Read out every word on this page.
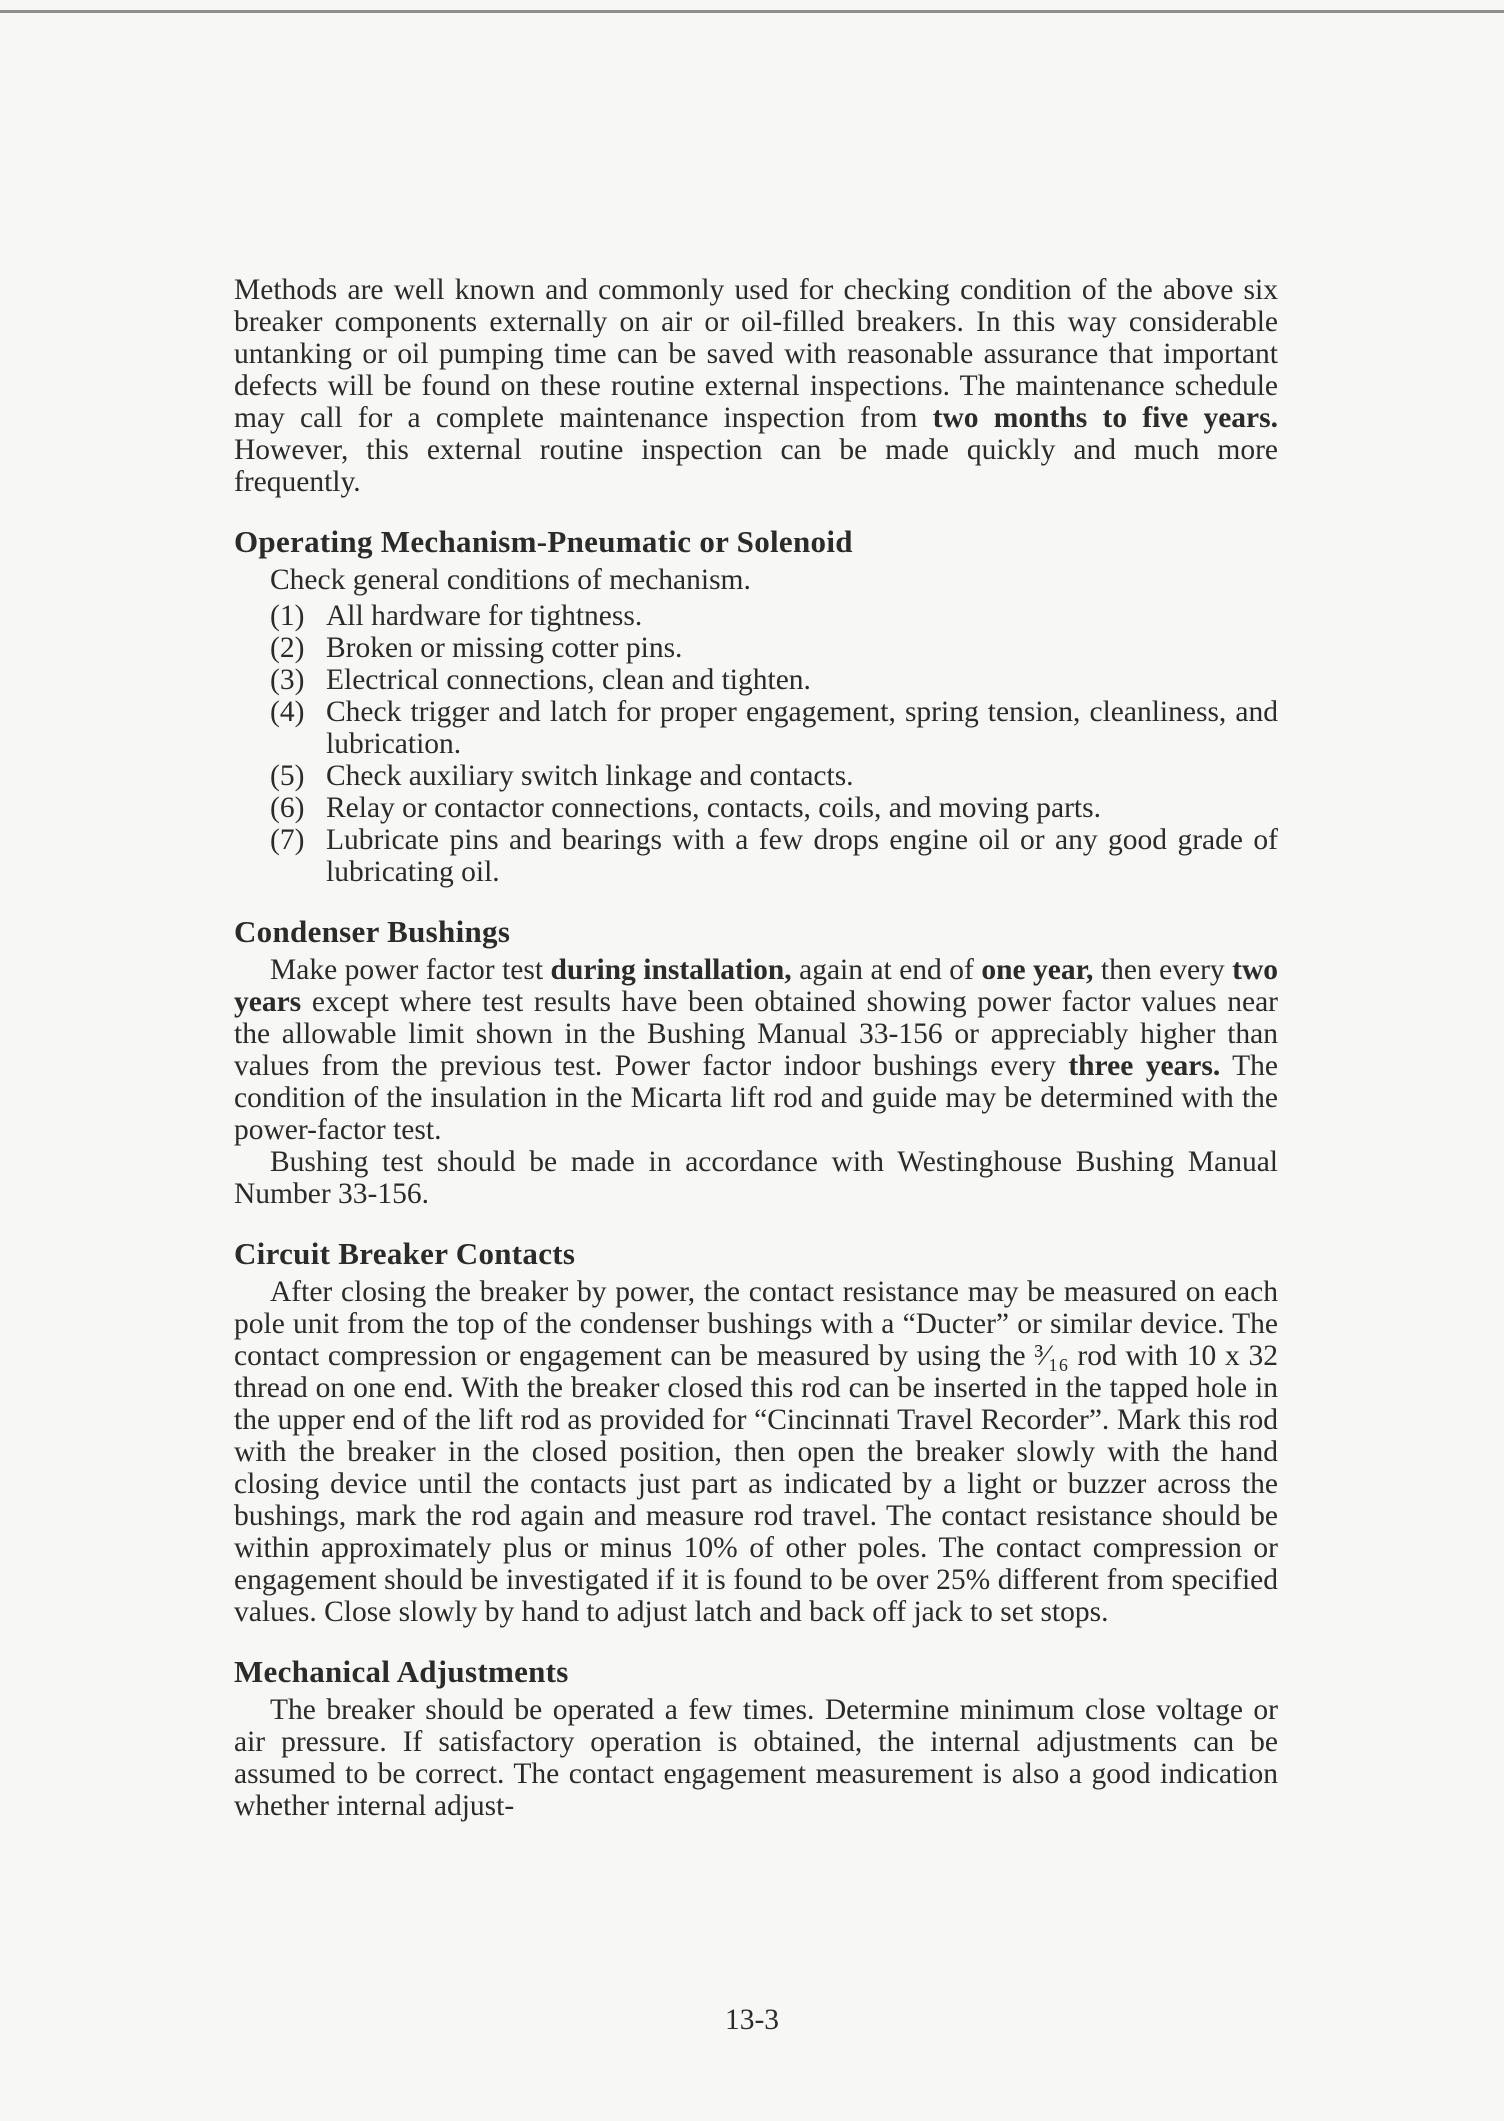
Methods are well known and commonly used for checking condition of the above six breaker components externally on air or oil-filled breakers. In this way considerable untanking or oil pumping time can be saved with reasonable assurance that important defects will be found on these routine external inspections. The maintenance schedule may call for a complete maintenance inspection from two months to five years. However, this external routine inspection can be made quickly and much more frequently.

Operating Mechanism-Pneumatic or Solenoid

Check general conditions of mechanism.

(1) All hardware for tightness.
(2) Broken or missing cotter pins.
(3) Electrical connections, clean and tighten.
(4) Check trigger and latch for proper engagement, spring tension, cleanliness, and lubrication.
(5) Check auxiliary switch linkage and contacts.
(6) Relay or contactor connections, contacts, coils, and moving parts.
(7) Lubricate pins and bearings with a few drops engine oil or any good grade of lubricating oil.
Condenser Bushings

Make power factor test during installation, again at end of one year, then every two years except where test results have been obtained showing power factor values near the allowable limit shown in the Bushing Manual 33-156 or appreciably higher than values from the previous test. Power factor indoor bushings every three years. The condition of the insulation in the Micarta lift rod and guide may be determined with the power-factor test.

Bushing test should be made in accordance with Westinghouse Bushing Manual Number 33-156.

Circuit Breaker Contacts

After closing the breaker by power, the contact resistance may be measured on each pole unit from the top of the condenser bushings with a “Ducter” or similar device. The contact compression or engagement can be measured by using the ³⁄₁₆ rod with 10 x 32 thread on one end. With the breaker closed this rod can be inserted in the tapped hole in the upper end of the lift rod as provided for “Cincinnati Travel Recorder”. Mark this rod with the breaker in the closed position, then open the breaker slowly with the hand closing device until the contacts just part as indicated by a light or buzzer across the bushings, mark the rod again and measure rod travel. The contact resistance should be within approximately plus or minus 10% of other poles. The contact compression or engagement should be investigated if it is found to be over 25% different from specified values. Close slowly by hand to adjust latch and back off jack to set stops.

Mechanical Adjustments

The breaker should be operated a few times. Determine minimum close voltage or air pressure. If satisfactory operation is obtained, the internal adjustments can be assumed to be correct. The contact engagement measurement is also a good indication whether internal adjust-

13-3
